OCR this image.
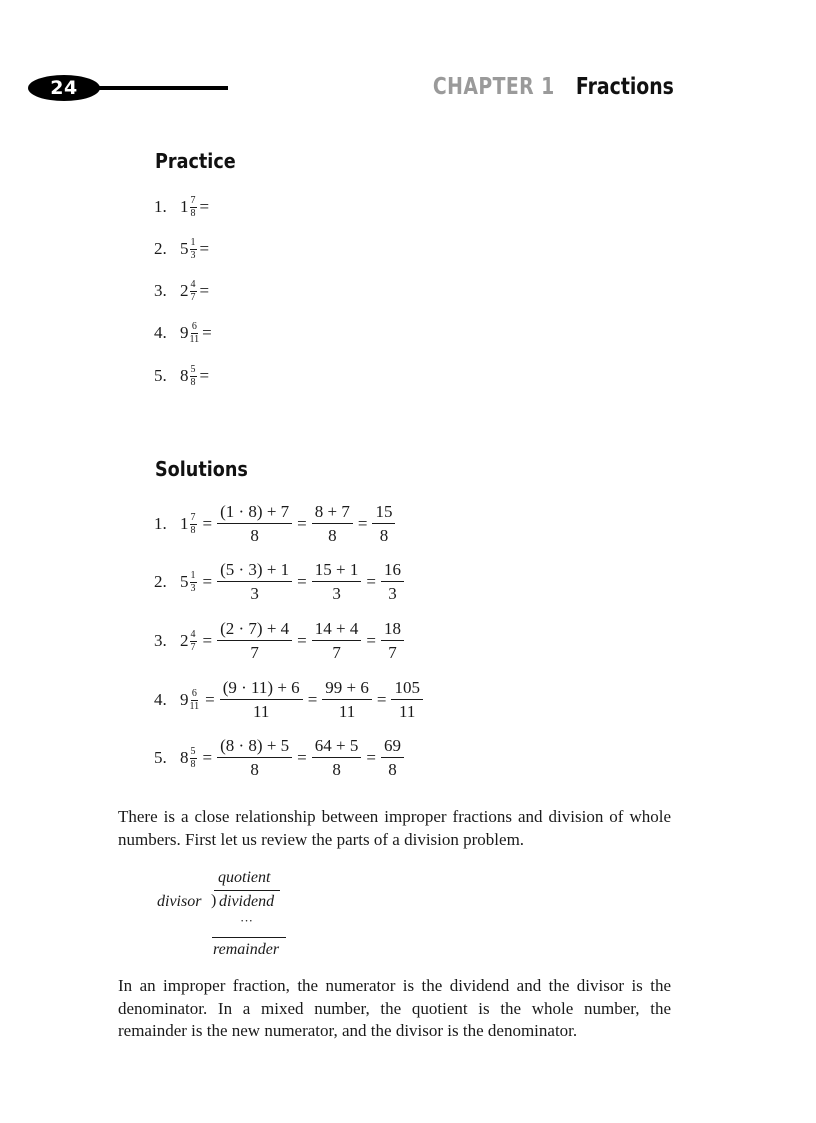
24	CHAPTER 1 Fractions
Practice
1. $1 \frac{7}{8}$ =
2. $5 \frac{1}{3}$ =
3. $2 \frac{4}{7}$ =
4. $9 \frac{6}{11}$ =
5. $8 \frac{5}{8}$ =
Solutions
1. $1 \frac{7}{8} = \frac{(1 \cdot 8) + 7}{8} = \frac{8 + 7}{8} = \frac{15}{8}$
2. $5 \frac{1}{3} = \frac{(5 \cdot 3) + 1}{3} = \frac{15 + 1}{3} = \frac{16}{3}$
3. $2 \frac{4}{7} = \frac{(2 \cdot 7) + 4}{7} = \frac{14 + 4}{7} = \frac{18}{7}$
4. $9 \frac{6}{11} = \frac{(9 \cdot 11) + 6}{11} = \frac{99 + 6}{11} = \frac{105}{11}$
5. $8 \frac{5}{8} = \frac{(8 \cdot 8) + 5}{8} = \frac{64 + 5}{8} = \frac{69}{8}$

There is a close relationship between improper fractions and division of whole numbers. First let us review the parts of a division problem.

quotient
divisor ) dividend
···
remainder

In an improper fraction, the numerator is the dividend and the divisor is the denominator. In a mixed number, the quotient is the whole number, the remainder is the new numerator, and the divisor is the denominator.
